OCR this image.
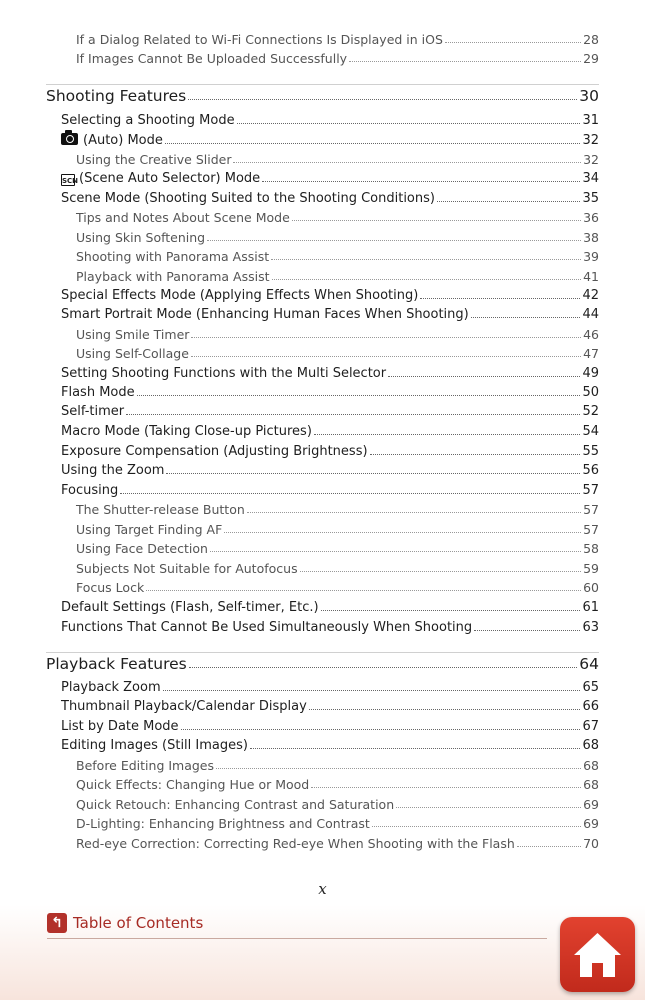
If a Dialog Related to Wi-Fi Connections Is Displayed in iOS	28
If Images Cannot Be Uploaded Successfully	29
Shooting Features	30
Selecting a Shooting Mode	31
(Auto) Mode	32
Using the Creative Slider	32
SCN(Scene Auto Selector) Mode	34
Scene Mode (Shooting Suited to the Shooting Conditions)	35
Tips and Notes About Scene Mode	36
Using Skin Softening	38
Shooting with Panorama Assist	39
Playback with Panorama Assist	41
Special Effects Mode (Applying Effects When Shooting)	42
Smart Portrait Mode (Enhancing Human Faces When Shooting)	44
Using Smile Timer	46
Using Self-Collage	47
Setting Shooting Functions with the Multi Selector	49
Flash Mode	50
Self-timer	52
Macro Mode (Taking Close-up Pictures)	54
Exposure Compensation (Adjusting Brightness)	55
Using the Zoom	56
Focusing	57
The Shutter-release Button	57
Using Target Finding AF	57
Using Face Detection	58
Subjects Not Suitable for Autofocus	59
Focus Lock	60
Default Settings (Flash, Self-timer, Etc.)	61
Functions That Cannot Be Used Simultaneously When Shooting	63
Playback Features	64
Playback Zoom	65
Thumbnail Playback/Calendar Display	66
List by Date Mode	67
Editing Images (Still Images)	68
Before Editing Images	68
Quick Effects: Changing Hue or Mood	68
Quick Retouch: Enhancing Contrast and Saturation	69
D-Lighting: Enhancing Brightness and Contrast	69
Red-eye Correction: Correcting Red-eye When Shooting with the Flash	70
x
↰ Table of Contents
